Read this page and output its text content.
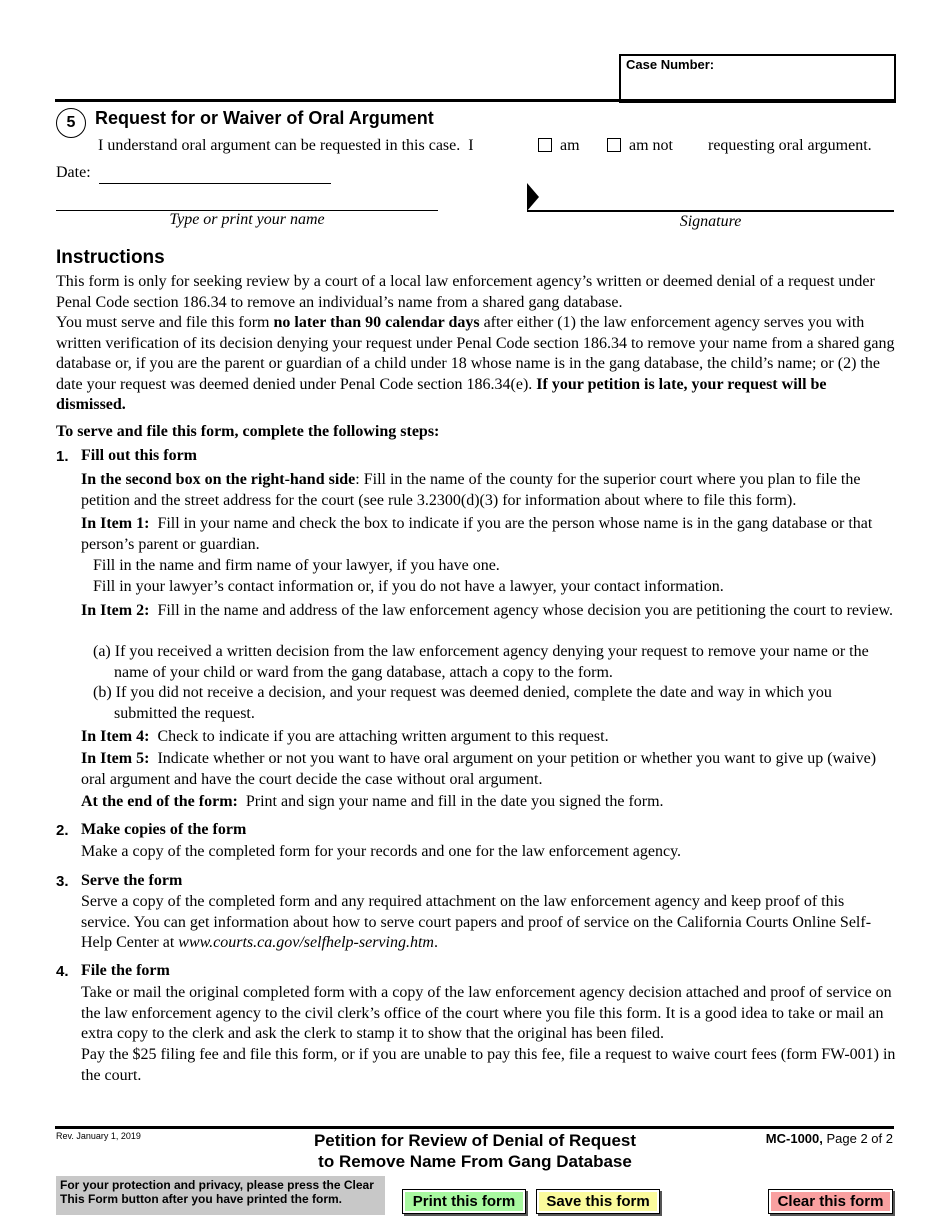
Case Number:
5	Request for or Waiver of Oral Argument
I understand oral argument can be requested in this case.  I	am	am not requesting oral argument.
Date:
Type or print your name	Signature
Instructions
This form is only for seeking review by a court of a local law enforcement agency’s written or deemed denial of a request under Penal Code section 186.34 to remove an individual’s name from a shared gang database.
You must serve and file this form no later than 90 calendar days after either (1) the law enforcement agency serves you with written verification of its decision denying your request under Penal Code section 186.34 to remove your name from a shared gang database or, if you are the parent or guardian of a child under 18 whose name is in the gang database, the child’s name; or (2) the date your request was deemed denied under Penal Code section 186.34(e). If your petition is late, your request will be dismissed.
To serve and file this form, complete the following steps:
1. Fill out this form
In the second box on the right-hand side: Fill in the name of the county for the superior court where you plan to file the petition and the street address for the court (see rule 3.2300(d)(3) for information about where to file this form).
In Item 1:  Fill in your name and check the box to indicate if you are the person whose name is in the gang database or that person’s parent or guardian.
Fill in the name and firm name of your lawyer, if you have one.
Fill in your lawyer’s contact information or, if you do not have a lawyer, your contact information.
In Item 2:  Fill in the name and address of the law enforcement agency whose decision you are petitioning the court to review.
(a) If you received a written decision from the law enforcement agency denying your request to remove your name or the name of your child or ward from the gang database, attach a copy to the form.
(b) If you did not receive a decision, and your request was deemed denied, complete the date and way in which you submitted the request.
In Item 4:  Check to indicate if you are attaching written argument to this request.
In Item 5:  Indicate whether or not you want to have oral argument on your petition or whether you want to give up (waive) oral argument and have the court decide the case without oral argument.
At the end of the form:  Print and sign your name and fill in the date you signed the form.
2. Make copies of the form
Make a copy of the completed form for your records and one for the law enforcement agency.
3. Serve the form
Serve a copy of the completed form and any required attachment on the law enforcement agency and keep proof of this service. You can get information about how to serve court papers and proof of service on the California Courts Online Self-Help Center at www.courts.ca.gov/selfhelp-serving.htm.
4. File the form
Take or mail the original completed form with a copy of the law enforcement agency decision attached and proof of service on the law enforcement agency to the civil clerk’s office of the court where you file this form. It is a good idea to take or mail an extra copy to the clerk and ask the clerk to stamp it to show that the original has been filed.
Pay the $25 filing fee and file this form, or if you are unable to pay this fee, file a request to waive court fees (form FW-001) in the court.
Rev. January 1, 2019	Petition for Review of Denial of Request
to Remove Name From Gang Database
MC-1000, Page 2 of 2
For your protection and privacy, please press the Clear This Form button after you have printed the form.	Print this form	Save this form	Clear this form
